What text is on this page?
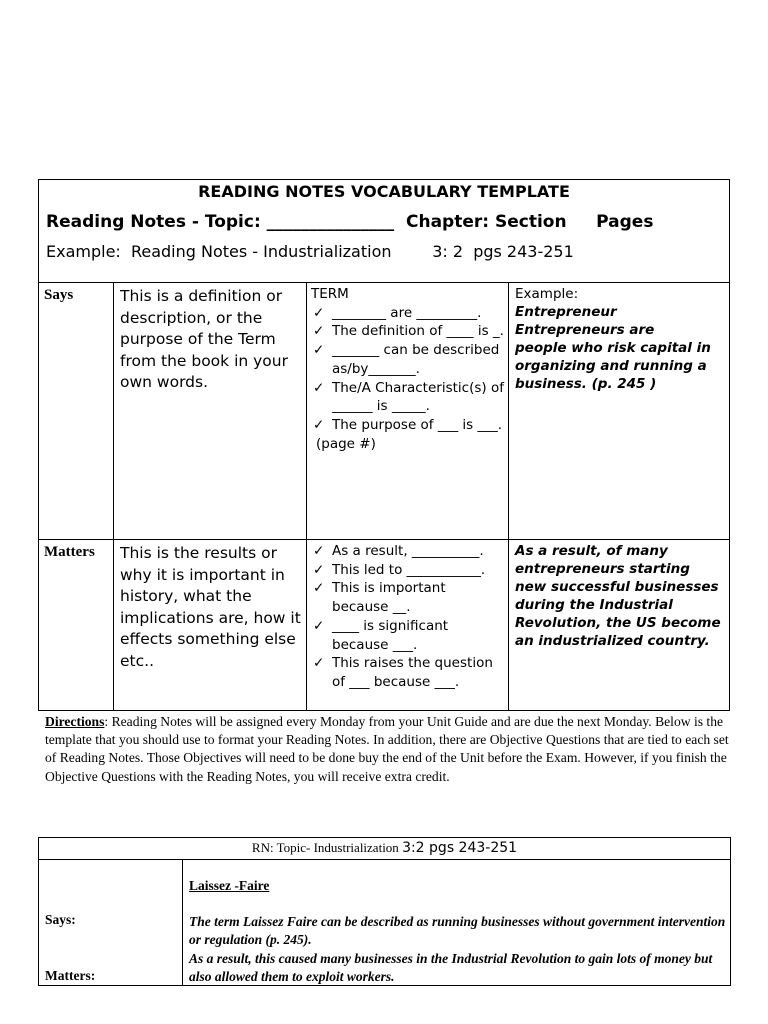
READING NOTES VOCABULARY TEMPLATE
Reading Notes - Topic: _______________  Chapter: Section     Pages
Example:  Reading Notes - Industrialization        3: 2  pgs 243-251
Says	This is a definition or description, or the purpose of the Term from the book in your own words.
TERM
✓ ________ are _________.
✓ The definition of ____ is _.
✓ _______ can be described as/by_______.
✓ The/A Characteristic(s) of ______ is _____.
✓ The purpose of ___ is ___.
(page #)
Example:
Entrepreneur
Entrepreneurs are
people who risk capital in organizing and running a business. (p. 245 )
Matters	This is the results or why it is important in history, what the implications are, how it effects something else etc..
✓ As a result, __________.
✓ This led to ___________.
✓ This is important because __.
✓ ____ is significant because ___.
✓ This raises the question of ___ because ___.
As a result, of many entrepreneurs starting new successful businesses during the Industrial Revolution, the US become an industrialized country.
Directions: Reading Notes will be assigned every Monday from your Unit Guide and are due the next Monday. Below is the template that you should use to format your Reading Notes. In addition, there are Objective Questions that are tied to each set of Reading Notes. Those Objectives will need to be done buy the end of the Unit before the Exam. However, if you finish the Objective Questions with the Reading Notes, you will receive extra credit.
RN: Topic- Industrialization 3:2 pgs 243-251
Says:
Matters:
Laissez -Faire
The term Laissez Faire can be described as running businesses without government intervention or regulation (p. 245).
As a result, this caused many businesses in the Industrial Revolution to gain lots of money but also allowed them to exploit workers.
